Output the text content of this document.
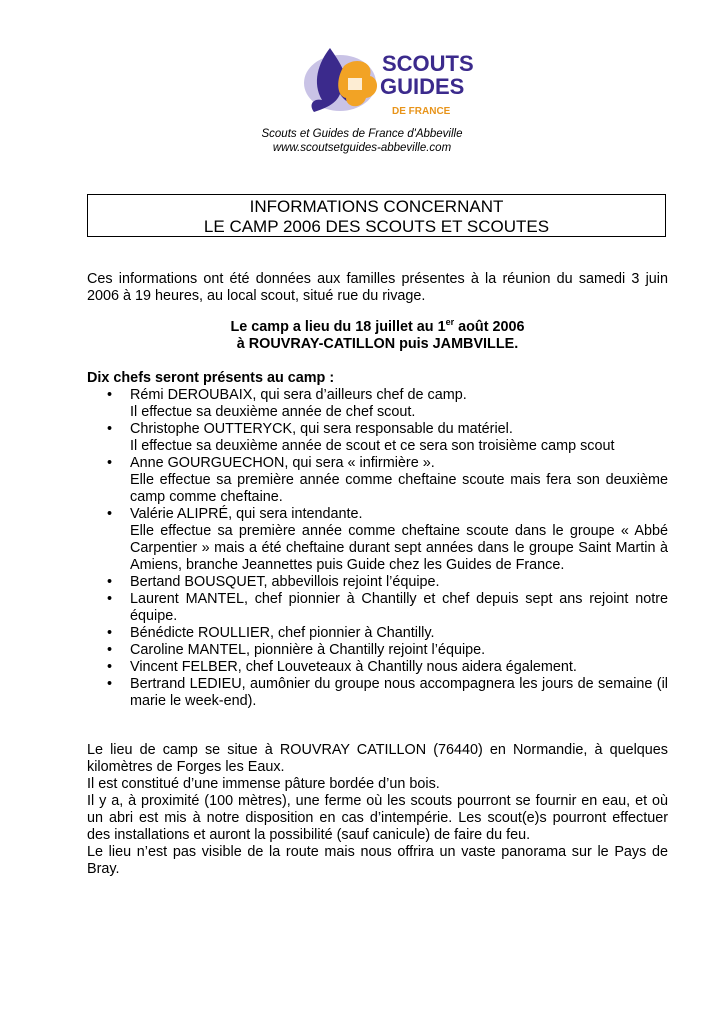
SCOUTS
GUIDES
DE FRANCE
Scouts et Guides de France d'Abbeville
www.scoutsetguides-abbeville.com
INFORMATIONS CONCERNANT
LE CAMP 2006 DES SCOUTS ET SCOUTES
Ces informations ont été données aux familles présentes à la réunion du samedi 3 juin 2006 à 19 heures, au local scout, situé rue du rivage.
Le camp a lieu du 18 juillet au 1er août 2006
à ROUVRAY-CATILLON puis JAMBVILLE.
Dix chefs seront présents au camp :
• Rémi DEROUBAIX, qui sera d’ailleurs chef de camp.
Il effectue sa deuxième année de chef scout.
• Christophe OUTTERYCK, qui sera responsable du matériel.
Il effectue sa deuxième année de scout et ce sera son troisième camp scout
• Anne GOURGUECHON, qui sera « infirmière ».
Elle effectue sa première année comme cheftaine scoute mais fera son deuxième camp comme cheftaine.
• Valérie ALIPRÉ, qui sera intendante.
Elle effectue sa première année comme cheftaine scoute dans le groupe « Abbé Carpentier » mais a été cheftaine durant sept années dans le groupe Saint Martin à Amiens, branche Jeannettes puis Guide chez les Guides de France.
• Bertand BOUSQUET, abbevillois rejoint l’équipe.
• Laurent MANTEL, chef pionnier à Chantilly et chef depuis sept ans rejoint notre équipe.
• Bénédicte ROULLIER, chef pionnier à Chantilly.
• Caroline MANTEL, pionnière à Chantilly rejoint l’équipe.
• Vincent FELBER, chef Louveteaux à Chantilly nous aidera également.
• Bertrand LEDIEU, aumônier du groupe nous accompagnera les jours de semaine (il marie le week-end).
Le lieu de camp se situe à ROUVRAY CATILLON (76440) en Normandie, à quelques kilomètres de Forges les Eaux.
Il est constitué d’une immense pâture bordée d’un bois.
Il y a, à proximité (100 mètres), une ferme où les scouts pourront se fournir en eau, et où un abri est mis à notre disposition en cas d’intempérie. Les scout(e)s pourront effectuer des installations et auront la possibilité (sauf canicule) de faire du feu.
Le lieu n’est pas visible de la route mais nous offrira un vaste panorama sur le Pays de Bray.
